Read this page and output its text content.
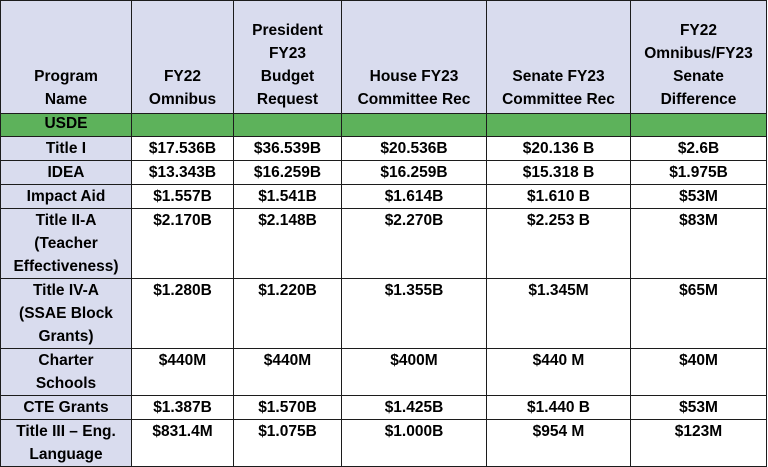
Program
Name	FY22
Omnibus	President
FY23
Budget
Request	House FY23
Committee Rec	Senate FY23
Committee Rec	FY22
Omnibus/FY23
Senate
Difference

USDE					

Title I	$17.536B	$36.539B	$20.536B	$20.136 B	$2.6B

IDEA	$13.343B	$16.259B	$16.259B	$15.318 B	$1.975B

Impact Aid	$1.557B	$1.541B	$1.614B	$1.610 B	$53M

Title II-A
(Teacher
Effectiveness)	$2.170B	$2.148B	$2.270B	$2.253 B	$83M

Title IV-A
(SSAE Block
Grants)	$1.280B	$1.220B	$1.355B	$1.345M	$65M

Charter
Schools	$440M	$440M	$400M	$440 M	$40M

CTE Grants	$1.387B	$1.570B	$1.425B	$1.440 B	$53M

Title III – Eng.
Language	$831.4M	$1.075B	$1.000B	$954 M	$123M
